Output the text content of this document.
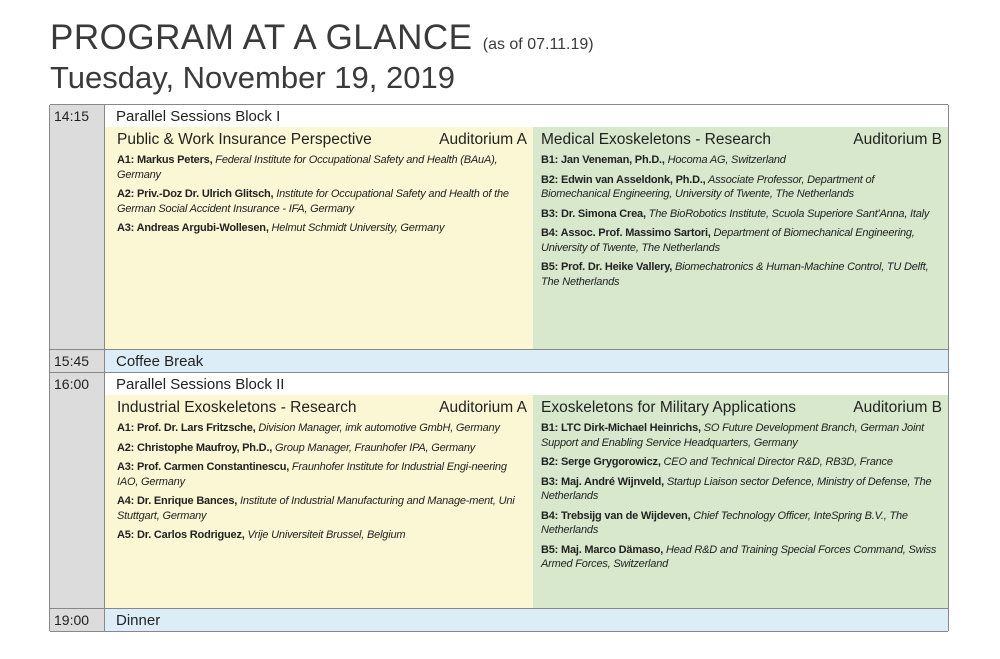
PROGRAM AT A GLANCE (as of 07.11.19)
Tuesday, November 19, 2019
14:15 Parallel Sessions Block I
Public & Work Insurance Perspective	Auditorium A
A1: Markus Peters, Federal Institute for Occupational Safety and Health (BAuA), Germany
A2: Priv.-Doz Dr. Ulrich Glitsch, Institute for Occupational Safety and Health of the German Social Accident Insurance - IFA, Germany
A3: Andreas Argubi-Wollesen, Helmut Schmidt University, Germany
Medical Exoskeletons - Research	Auditorium B
B1: Jan Veneman, Ph.D., Hocoma AG, Switzerland
B2: Edwin van Asseldonk, Ph.D., Associate Professor, Department of Biomechanical Engineering, University of Twente, The Netherlands
B3: Dr. Simona Crea, The BioRobotics Institute, Scuola Superiore Sant'Anna, Italy
B4: Assoc. Prof. Massimo Sartori, Department of Biomechanical Engineering, University of Twente, The Netherlands
B5: Prof. Dr. Heike Vallery, Biomechatronics & Human-Machine Control, TU Delft, The Netherlands
15:45 Coffee Break
16:00 Parallel Sessions Block II
Industrial Exoskeletons - Research	Auditorium A
A1: Prof. Dr. Lars Fritzsche, Division Manager, imk automotive GmbH, Germany
A2: Christophe Maufroy, Ph.D., Group Manager, Fraunhofer IPA, Germany
A3: Prof. Carmen Constantinescu, Fraunhofer Institute for Industrial Engi-neering IAO, Germany
A4: Dr. Enrique Bances, Institute of Industrial Manufacturing and Manage-ment, Uni Stuttgart, Germany
A5: Dr. Carlos Rodriguez, Vrije Universiteit Brussel, Belgium
Exoskeletons for Military Applications	Auditorium B
B1: LTC Dirk-Michael Heinrichs, SO Future Development Branch, German Joint Support and Enabling Service Headquarters, Germany
B2: Serge Grygorowicz, CEO and Technical Director R&D, RB3D, France
B3: Maj. André Wijnveld, Startup Liaison sector Defence, Ministry of Defense, The Netherlands
B4: Trebsijg van de Wijdeven, Chief Technology Officer, InteSpring B.V., The Netherlands
B5: Maj. Marco Dämaso, Head R&D and Training Special Forces Command, Swiss Armed Forces, Switzerland
19:00 Dinner
